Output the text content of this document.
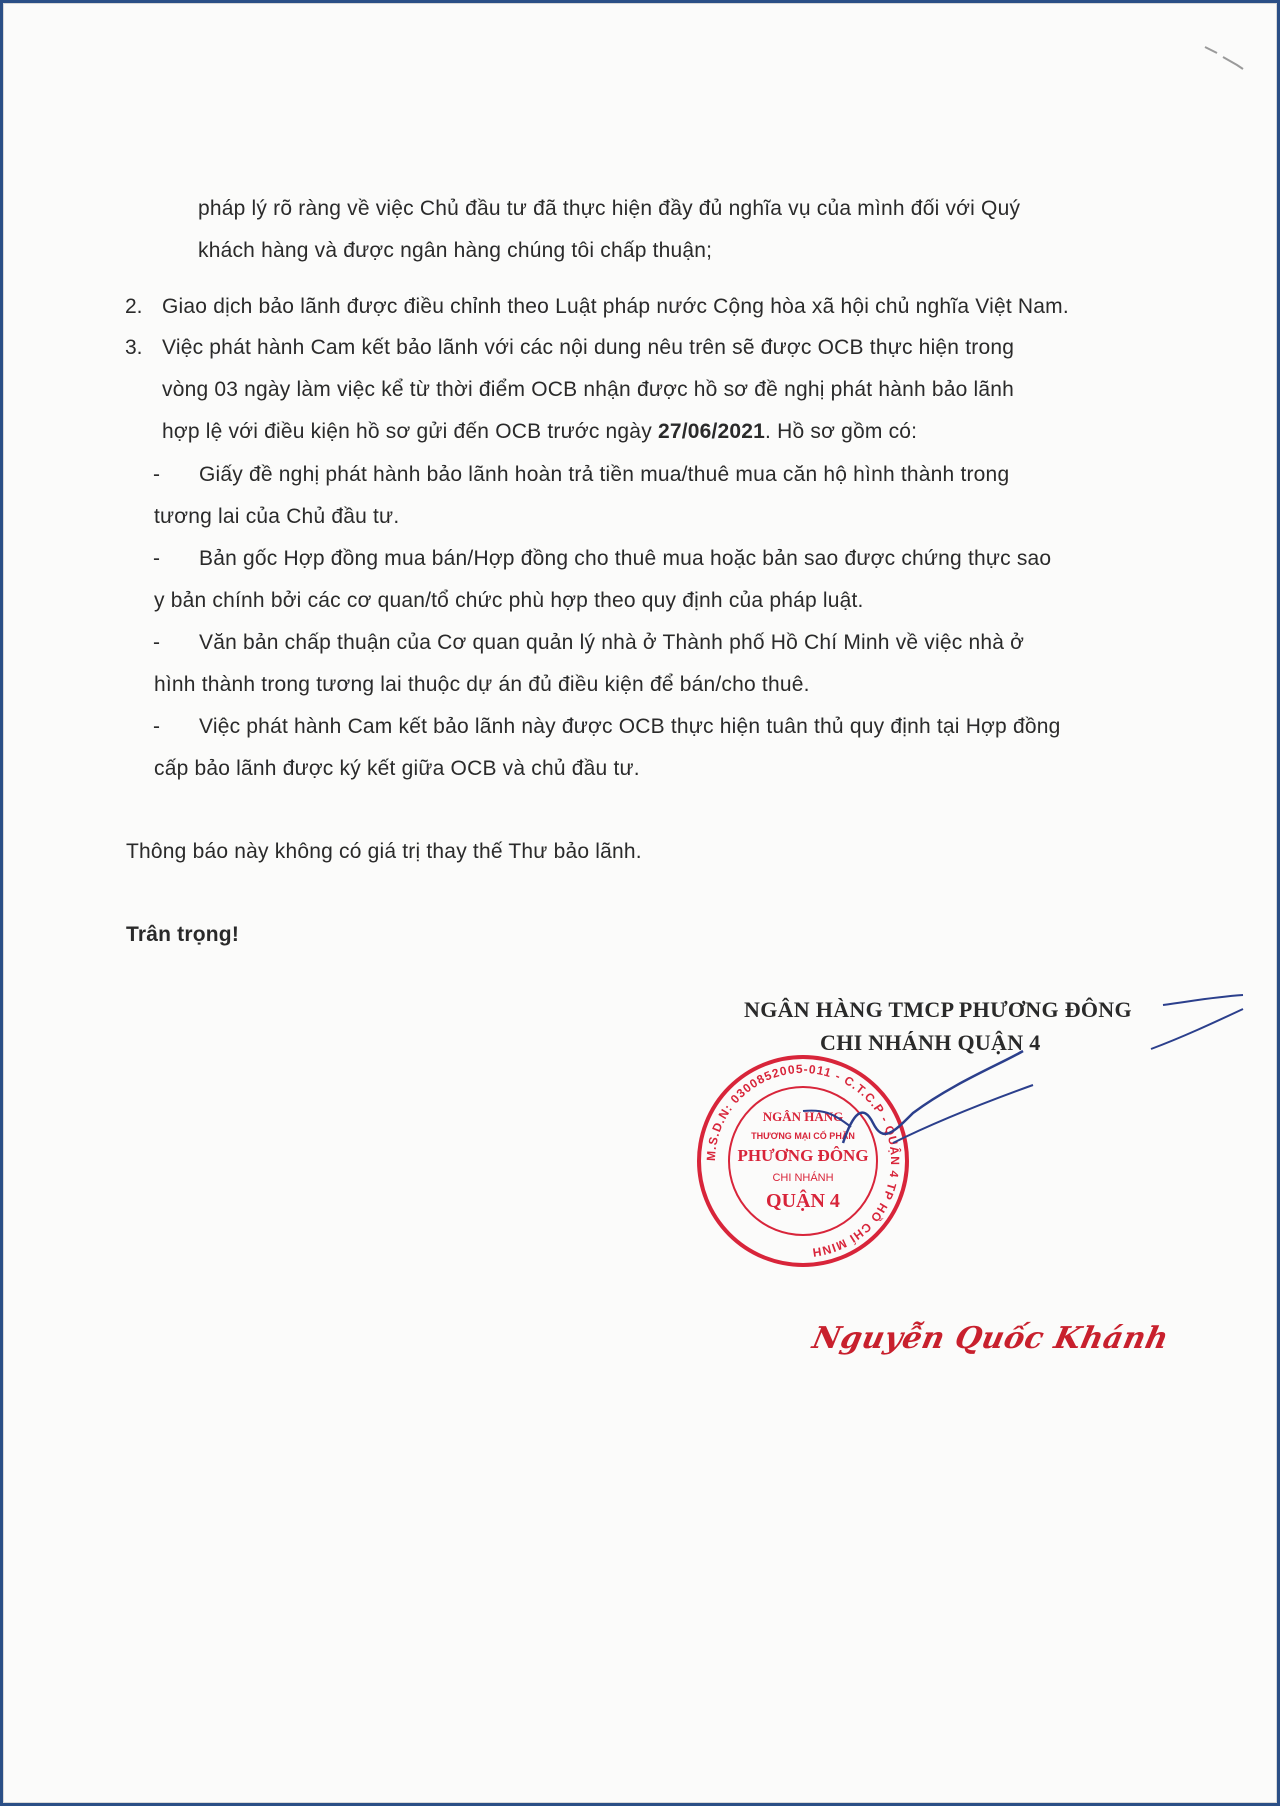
pháp lý rõ ràng về việc Chủ đầu tư đã thực hiện đầy đủ nghĩa vụ của mình đối với Quý
khách hàng và được ngân hàng chúng tôi chấp thuận;
2. Giao dịch bảo lãnh được điều chỉnh theo Luật pháp nước Cộng hòa xã hội chủ nghĩa Việt Nam.
3. Việc phát hành Cam kết bảo lãnh với các nội dung nêu trên sẽ được OCB thực hiện trong
vòng 03 ngày làm việc kể từ thời điểm OCB nhận được hồ sơ đề nghị phát hành bảo lãnh
hợp lệ với điều kiện hồ sơ gửi đến OCB trước ngày 27/06/2021. Hồ sơ gồm có:
- Giấy đề nghị phát hành bảo lãnh hoàn trả tiền mua/thuê mua căn hộ hình thành trong
tương lai của Chủ đầu tư.
- Bản gốc Hợp đồng mua bán/Hợp đồng cho thuê mua hoặc bản sao được chứng thực sao
y bản chính bởi các cơ quan/tổ chức phù hợp theo quy định của pháp luật.
- Văn bản chấp thuận của Cơ quan quản lý nhà ở Thành phố Hồ Chí Minh về việc nhà ở
hình thành trong tương lai thuộc dự án đủ điều kiện để bán/cho thuê.
- Việc phát hành Cam kết bảo lãnh này được OCB thực hiện tuân thủ quy định tại Hợp đồng
cấp bảo lãnh được ký kết giữa OCB và chủ đầu tư.
Thông báo này không có giá trị thay thế Thư bảo lãnh.
Trân trọng!
NGÂN HÀNG TMCP PHƯƠNG ĐÔNG
CHI NHÁNH QUẬN 4
M.S.D.N: 0300852005-011 - C.T.C.P - QUẬN 4 TP HỒ CHÍ MINH
NGÂN HÀNG
THƯƠNG MẠI CỔ PHẦN
PHƯƠNG ĐÔNG
CHI NHÁNH
QUẬN 4
Nguyễn Quốc Khánh
